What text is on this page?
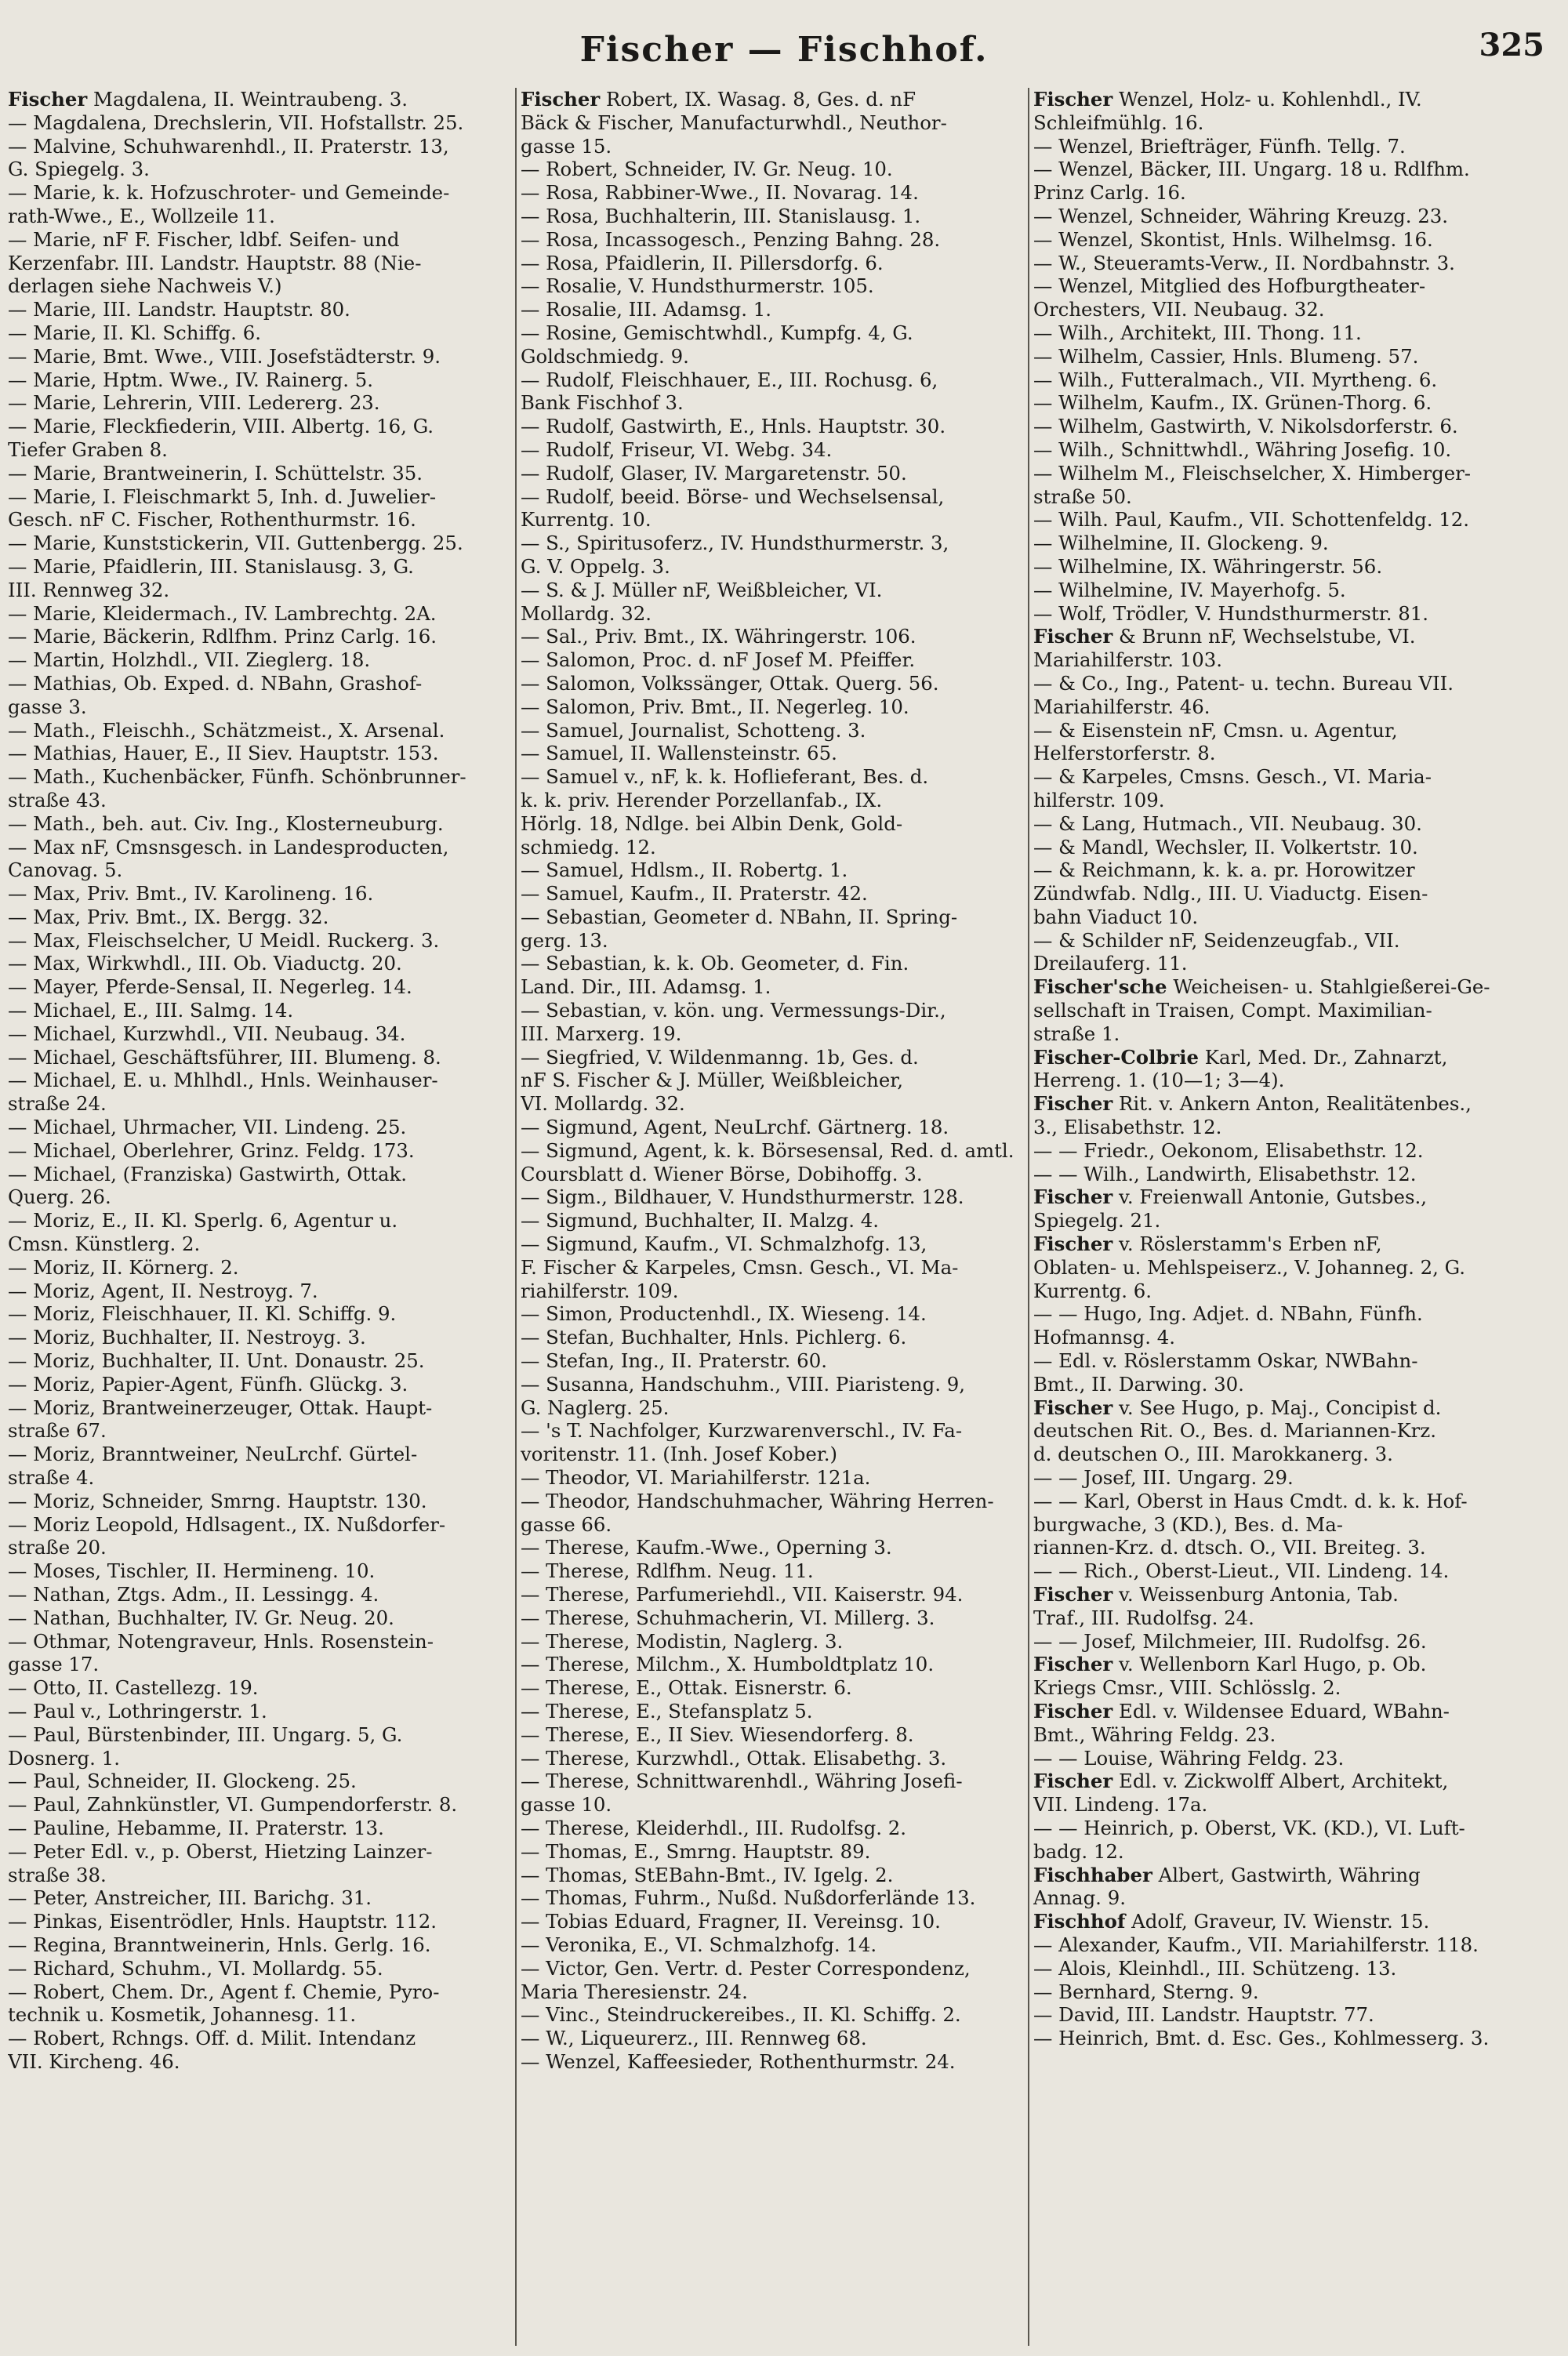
Fischer — Fischhof.	325
Fischer Magdalena, II. Weintraubeng. 3.
— Magdalena, Drechslerin, VII. Hofstallstr. 25.
— Malvine, Schuhwarenhdl., II. Praterstr. 13,
G. Spiegelg. 3.
— Marie, k. k. Hofzuschroter- und Gemeinde-
rath-Wwe., E., Wollzeile 11.
— Marie, nF F. Fischer, ldbf. Seifen- und
Kerzenfabr. III. Landstr. Hauptstr. 88 (Nie-
derlagen siehe Nachweis V.)
— Marie, III. Landstr. Hauptstr. 80.
— Marie, II. Kl. Schiffg. 6.
— Marie, Bmt. Wwe., VIII. Josefstädterstr. 9.
— Marie, Hptm. Wwe., IV. Rainerg. 5.
— Marie, Lehrerin, VIII. Ledererg. 23.
— Marie, Fleckfiederin, VIII. Albertg. 16, G.
Tiefer Graben 8.
— Marie, Brantweinerin, I. Schüttelstr. 35.
— Marie, I. Fleischmarkt 5, Inh. d. Juwelier-
Gesch. nF C. Fischer, Rothenthurmstr. 16.
— Marie, Kunststickerin, VII. Guttenbergg. 25.
— Marie, Pfaidlerin, III. Stanislausg. 3, G.
III. Rennweg 32.
— Marie, Kleidermach., IV. Lambrechtg. 2A.
— Marie, Bäckerin, Rdlfhm. Prinz Carlg. 16.
— Martin, Holzhdl., VII. Zieglerg. 18.
— Mathias, Ob. Exped. d. NBahn, Grashof-
gasse 3.
— Math., Fleischh., Schätzmeist., X. Arsenal.
— Mathias, Hauer, E., II Siev. Hauptstr. 153.
— Math., Kuchenbäcker, Fünfh. Schönbrunner-
straße 43.
— Math., beh. aut. Civ. Ing., Klosterneuburg.
— Max nF, Cmsnsgesch. in Landesproducten,
Canovag. 5.
— Max, Priv. Bmt., IV. Karolineng. 16.
— Max, Priv. Bmt., IX. Bergg. 32.
— Max, Fleischselcher, U Meidl. Ruckerg. 3.
— Max, Wirkwhdl., III. Ob. Viaductg. 20.
— Mayer, Pferde-Sensal, II. Negerleg. 14.
— Michael, E., III. Salmg. 14.
— Michael, Kurzwhdl., VII. Neubaug. 34.
— Michael, Geschäftsführer, III. Blumeng. 8.
— Michael, E. u. Mhlhdl., Hnls. Weinhauser-
straße 24.
— Michael, Uhrmacher, VII. Lindeng. 25.
— Michael, Oberlehrer, Grinz. Feldg. 173.
— Michael, (Franziska) Gastwirth, Ottak.
Querg. 26.
— Moriz, E., II. Kl. Sperlg. 6, Agentur u.
Cmsn. Künstlerg. 2.
— Moriz, II. Körnerg. 2.
— Moriz, Agent, II. Nestroyg. 7.
— Moriz, Fleischhauer, II. Kl. Schiffg. 9.
— Moriz, Buchhalter, II. Nestroyg. 3.
— Moriz, Buchhalter, II. Unt. Donaustr. 25.
— Moriz, Papier-Agent, Fünfh. Glückg. 3.
— Moriz, Brantweinerzeuger, Ottak. Haupt-
straße 67.
— Moriz, Branntweiner, NeuLrchf. Gürtel-
straße 4.
— Moriz, Schneider, Smrng. Hauptstr. 130.
— Moriz Leopold, Hdlsagent., IX. Nußdorfer-
straße 20.
— Moses, Tischler, II. Hermineng. 10.
— Nathan, Ztgs. Adm., II. Lessingg. 4.
— Nathan, Buchhalter, IV. Gr. Neug. 20.
— Othmar, Notengraveur, Hnls. Rosenstein-
gasse 17.
— Otto, II. Castellezg. 19.
— Paul v., Lothringerstr. 1.
— Paul, Bürstenbinder, III. Ungarg. 5, G.
Dosnerg. 1.
— Paul, Schneider, II. Glockeng. 25.
— Paul, Zahnkünstler, VI. Gumpendorferstr. 8.
— Pauline, Hebamme, II. Praterstr. 13.
— Peter Edl. v., p. Oberst, Hietzing Lainzer-
straße 38.
— Peter, Anstreicher, III. Barichg. 31.
— Pinkas, Eisentrödler, Hnls. Hauptstr. 112.
— Regina, Branntweinerin, Hnls. Gerlg. 16.
— Richard, Schuhm., VI. Mollardg. 55.
— Robert, Chem. Dr., Agent f. Chemie, Pyro-
technik u. Kosmetik, Johannesg. 11.
— Robert, Rchngs. Off. d. Milit. Intendanz
VII. Kircheng. 46.
Fischer Robert, IX. Wasag. 8, Ges. d. nF
Bäck & Fischer, Manufacturwhdl., Neuthor-
gasse 15.
— Robert, Schneider, IV. Gr. Neug. 10.
— Rosa, Rabbiner-Wwe., II. Novarag. 14.
— Rosa, Buchhalterin, III. Stanislausg. 1.
— Rosa, Incassogesch., Penzing Bahng. 28.
— Rosa, Pfaidlerin, II. Pillersdorfg. 6.
— Rosalie, V. Hundsthurmerstr. 105.
— Rosalie, III. Adamsg. 1.
— Rosine, Gemischtwhdl., Kumpfg. 4, G.
Goldschmiedg. 9.
— Rudolf, Fleischhauer, E., III. Rochusg. 6,
Bank Fischhof 3.
— Rudolf, Gastwirth, E., Hnls. Hauptstr. 30.
— Rudolf, Friseur, VI. Webg. 34.
— Rudolf, Glaser, IV. Margaretenstr. 50.
— Rudolf, beeid. Börse- und Wechselsensal,
Kurrentg. 10.
— S., Spiritusoferz., IV. Hundsthurmerstr. 3,
G. V. Oppelg. 3.
— S. & J. Müller nF, Weißbleicher, VI.
Mollardg. 32.
— Sal., Priv. Bmt., IX. Währingerstr. 106.
— Salomon, Proc. d. nF Josef M. Pfeiffer.
— Salomon, Volkssänger, Ottak. Querg. 56.
— Salomon, Priv. Bmt., II. Negerleg. 10.
— Samuel, Journalist, Schotteng. 3.
— Samuel, II. Wallensteinstr. 65.
— Samuel v., nF, k. k. Hoflieferant, Bes. d.
k. k. priv. Herender Porzellanfab., IX.
Hörlg. 18, Ndlge. bei Albin Denk, Gold-
schmiedg. 12.
— Samuel, Hdlsm., II. Robertg. 1.
— Samuel, Kaufm., II. Praterstr. 42.
— Sebastian, Geometer d. NBahn, II. Spring-
gerg. 13.
— Sebastian, k. k. Ob. Geometer, d. Fin.
Land. Dir., III. Adamsg. 1.
— Sebastian, v. kön. ung. Vermessungs-Dir.,
III. Marxerg. 19.
— Siegfried, V. Wildenmanng. 1b, Ges. d.
nF S. Fischer & J. Müller, Weißbleicher,
VI. Mollardg. 32.
— Sigmund, Agent, NeuLrchf. Gärtnerg. 18.
— Sigmund, Agent, k. k. Börsesensal, Red. d. amtl.
Coursblatt d. Wiener Börse, Dobihoffg. 3.
— Sigm., Bildhauer, V. Hundsthurmerstr. 128.
— Sigmund, Buchhalter, II. Malzg. 4.
— Sigmund, Kaufm., VI. Schmalzhofg. 13,
F. Fischer & Karpeles, Cmsn. Gesch., VI. Ma-
riahilferstr. 109.
— Simon, Productenhdl., IX. Wieseng. 14.
— Stefan, Buchhalter, Hnls. Pichlerg. 6.
— Stefan, Ing., II. Praterstr. 60.
— Susanna, Handschuhm., VIII. Piaristeng. 9,
G. Naglerg. 25.
— 's T. Nachfolger, Kurzwarenverschl., IV. Fa-
voritenstr. 11. (Inh. Josef Kober.)
— Theodor, VI. Mariahilferstr. 121a.
— Theodor, Handschuhmacher, Währing Herren-
gasse 66.
— Therese, Kaufm.-Wwe., Operning 3.
— Therese, Rdlfhm. Neug. 11.
— Therese, Parfumeriehdl., VII. Kaiserstr. 94.
— Therese, Schuhmacherin, VI. Millerg. 3.
— Therese, Modistin, Naglerg. 3.
— Therese, Milchm., X. Humboldtplatz 10.
— Therese, E., Ottak. Eisnerstr. 6.
— Therese, E., Stefansplatz 5.
— Therese, E., II Siev. Wiesendorferg. 8.
— Therese, Kurzwhdl., Ottak. Elisabethg. 3.
— Therese, Schnittwarenhdl., Währing Josefi-
gasse 10.
— Therese, Kleiderhdl., III. Rudolfsg. 2.
— Thomas, E., Smrng. Hauptstr. 89.
— Thomas, StEBahn-Bmt., IV. Igelg. 2.
— Thomas, Fuhrm., Nußd. Nußdorferlände 13.
— Tobias Eduard, Fragner, II. Vereinsg. 10.
— Veronika, E., VI. Schmalzhofg. 14.
— Victor, Gen. Vertr. d. Pester Correspondenz,
Maria Theresienstr. 24.
— Vinc., Steindruckereibes., II. Kl. Schiffg. 2.
— W., Liqueurerz., III. Rennweg 68.
— Wenzel, Kaffeesieder, Rothenthurmstr. 24.
Fischer Wenzel, Holz- u. Kohlenhdl., IV.
Schleifmühlg. 16.
— Wenzel, Briefträger, Fünfh. Tellg. 7.
— Wenzel, Bäcker, III. Ungarg. 18 u. Rdlfhm.
Prinz Carlg. 16.
— Wenzel, Schneider, Währing Kreuzg. 23.
— Wenzel, Skontist, Hnls. Wilhelmsg. 16.
— W., Steueramts-Verw., II. Nordbahnstr. 3.
— Wenzel, Mitglied des Hofburgtheater-
Orchesters, VII. Neubaug. 32.
— Wilh., Architekt, III. Thong. 11.
— Wilhelm, Cassier, Hnls. Blumeng. 57.
— Wilh., Futteralmach., VII. Myrtheng. 6.
— Wilhelm, Kaufm., IX. Grünen-Thorg. 6.
— Wilhelm, Gastwirth, V. Nikolsdorferstr. 6.
— Wilh., Schnittwhdl., Währing Josefig. 10.
— Wilhelm M., Fleischselcher, X. Himberger-
straße 50.
— Wilh. Paul, Kaufm., VII. Schottenfeldg. 12.
— Wilhelmine, II. Glockeng. 9.
— Wilhelmine, IX. Währingerstr. 56.
— Wilhelmine, IV. Mayerhofg. 5.
— Wolf, Trödler, V. Hundsthurmerstr. 81.
Fischer & Brunn nF, Wechselstube, VI.
Mariahilferstr. 103.
— & Co., Ing., Patent- u. techn. Bureau VII.
Mariahilferstr. 46.
— & Eisenstein nF, Cmsn. u. Agentur,
Helferstorferstr. 8.
— & Karpeles, Cmsns. Gesch., VI. Maria-
hilferstr. 109.
— & Lang, Hutmach., VII. Neubaug. 30.
— & Mandl, Wechsler, II. Volkertstr. 10.
— & Reichmann, k. k. a. pr. Horowitzer
Zündwfab. Ndlg., III. U. Viaductg. Eisen-
bahn Viaduct 10.
— & Schilder nF, Seidenzeugfab., VII.
Dreilauferg. 11.
Fischer'sche Weicheisen- u. Stahlgießerei-Ge-
sellschaft in Traisen, Compt. Maximilian-
straße 1.
Fischer-Colbrie Karl, Med. Dr., Zahnarzt,
Herreng. 1. (10—1; 3—4).
Fischer Rit. v. Ankern Anton, Realitätenbes.,
3., Elisabethstr. 12.
— — Friedr., Oekonom, Elisabethstr. 12.
— — Wilh., Landwirth, Elisabethstr. 12.
Fischer v. Freienwall Antonie, Gutsbes.,
Spiegelg. 21.
Fischer v. Röslerstamm's Erben nF,
Oblaten- u. Mehlspeiserz., V. Johanneg. 2, G.
Kurrentg. 6.
— — Hugo, Ing. Adjet. d. NBahn, Fünfh.
Hofmannsg. 4.
— Edl. v. Röslerstamm Oskar, NWBahn-
Bmt., II. Darwing. 30.
Fischer v. See Hugo, p. Maj., Concipist d.
deutschen Rit. O., Bes. d. Mariannen-Krz.
d. deutschen O., III. Marokkanerg. 3.
— — Josef, III. Ungarg. 29.
— — Karl, Oberst in Haus Cmdt. d. k. k. Hof-
burgwache, 3 (KD.), Bes. d. Ma-
riannen-Krz. d. dtsch. O., VII. Breiteg. 3.
— — Rich., Oberst-Lieut., VII. Lindeng. 14.
Fischer v. Weissenburg Antonia, Tab.
Traf., III. Rudolfsg. 24.
— — Josef, Milchmeier, III. Rudolfsg. 26.
Fischer v. Wellenborn Karl Hugo, p. Ob.
Kriegs Cmsr., VIII. Schlösslg. 2.
Fischer Edl. v. Wildensee Eduard, WBahn-
Bmt., Währing Feldg. 23.
— — Louise, Währing Feldg. 23.
Fischer Edl. v. Zickwolff Albert, Architekt,
VII. Lindeng. 17a.
— — Heinrich, p. Oberst, VK. (KD.), VI. Luft-
badg. 12.
Fischhaber Albert, Gastwirth, Währing
Annag. 9.
Fischhof Adolf, Graveur, IV. Wienstr. 15.
— Alexander, Kaufm., VII. Mariahilferstr. 118.
— Alois, Kleinhdl., III. Schützeng. 13.
— Bernhard, Sterng. 9.
— David, III. Landstr. Hauptstr. 77.
— Heinrich, Bmt. d. Esc. Ges., Kohlmesserg. 3.
